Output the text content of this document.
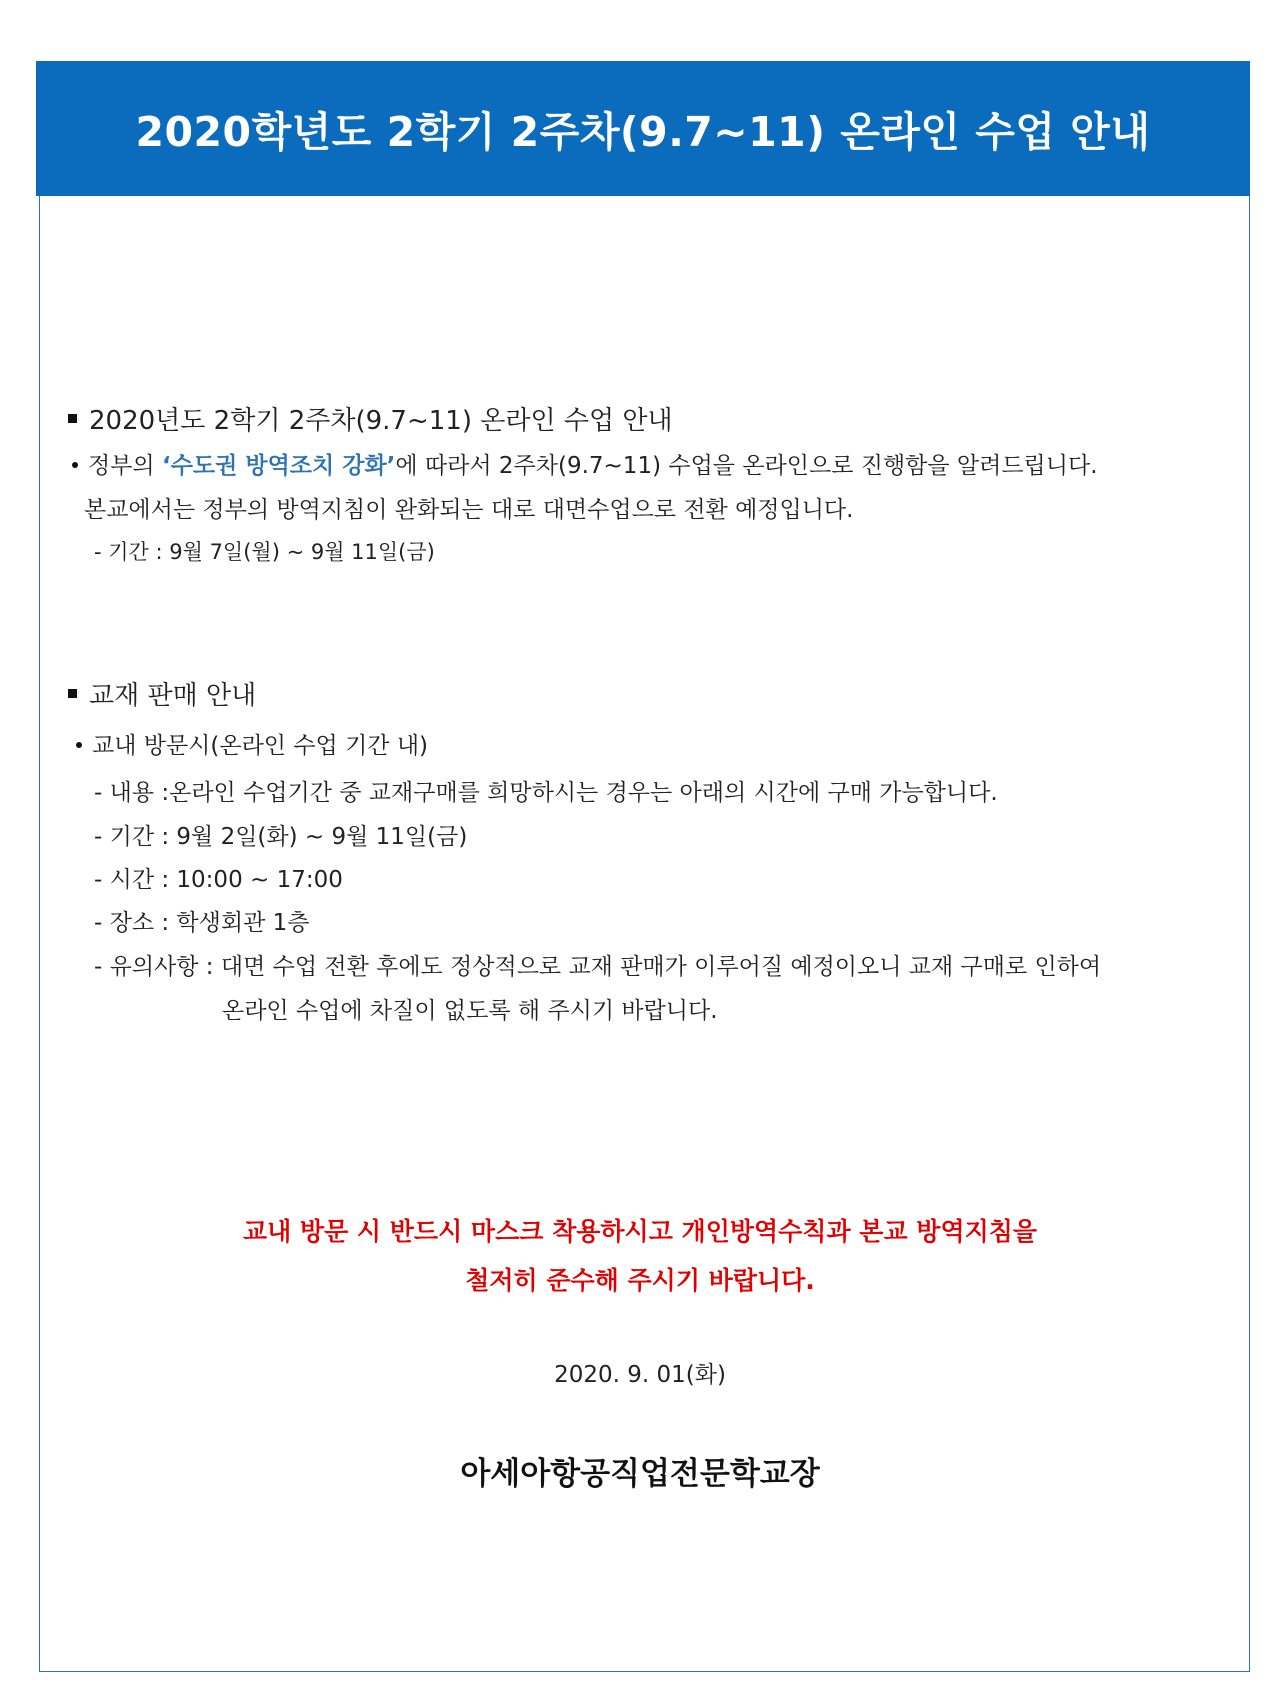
2020학년도 2학기 2주차(9.7~11) 온라인 수업 안내
2020년도 2학기 2주차(9.7~11) 온라인 수업 안내
정부의 ‘수도권 방역조치 강화’에 따라서 2주차(9.7~11) 수업을 온라인으로 진행함을 알려드립니다.
본교에서는 정부의 방역지침이 완화되는 대로 대면수업으로 전환 예정입니다.
- 기간 : 9월 7일(월) ~ 9월 11일(금)
교재 판매 안내
교내 방문시(온라인 수업 기간 내)
- 내용 :온라인 수업기간 중 교재구매를 희망하시는 경우는 아래의 시간에 구매 가능합니다.
- 기간 : 9월 2일(화) ~ 9월 11일(금)
- 시간 : 10:00 ~ 17:00
- 장소 : 학생회관 1층
- 유의사항 : 대면 수업 전환 후에도 정상적으로 교재 판매가 이루어질 예정이오니 교재 구매로 인하여
온라인 수업에 차질이 없도록 해 주시기 바랍니다.
교내 방문 시 반드시 마스크 착용하시고 개인방역수칙과 본교 방역지침을
철저히 준수해 주시기 바랍니다.
2020. 9. 01(화)
아세아항공직업전문학교장
